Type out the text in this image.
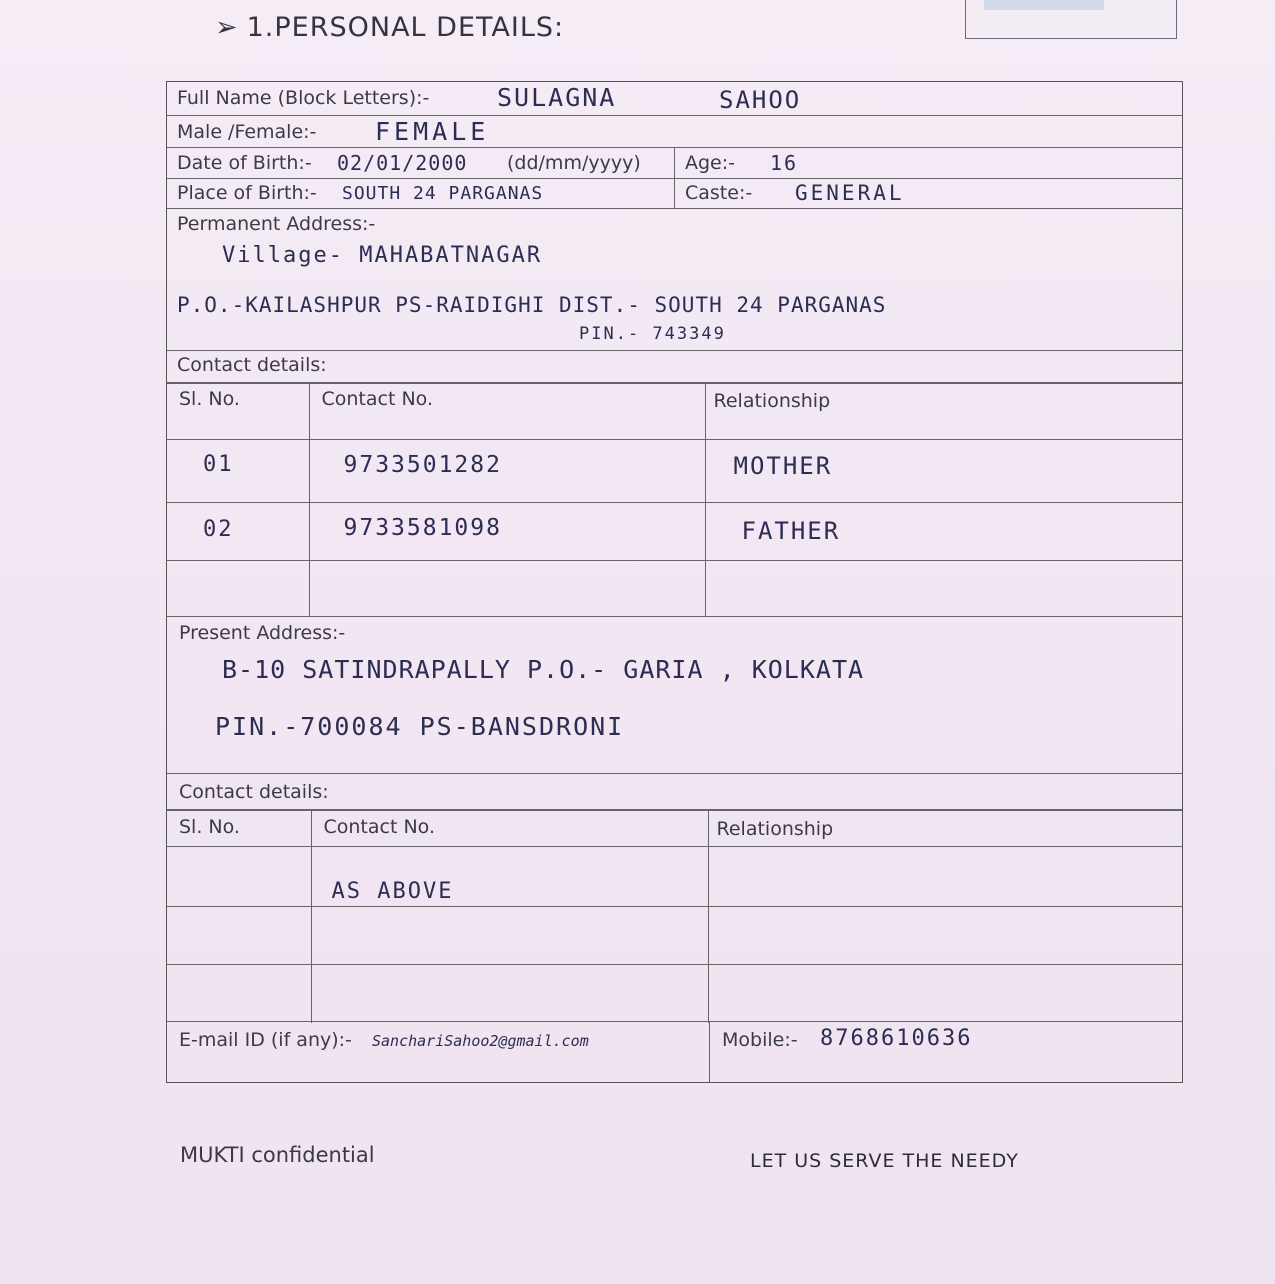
➢ 1.PERSONAL DETAILS:
Full Name (Block Letters):-	SULAGNA	SAHOO
Male /Female:- FEMALE
Date of Birth:- 02/01/2000 (dd/mm/yyyy) Age:- 16
Place of Birth:- SOUTH 24 PARGANAS	Caste:- GENERAL
Permanent Address:-
Village- MAHABATNAGAR
P.O.-KAILASHPUR PS-RAIDIGHI DIST.- SOUTH 24 PARGANAS
PIN.- 743349
Contact details:
Sl. No.	Contact No.	Relationship

01	9733501282	MOTHER

02	9733581098	FATHER

Present Address:-
B-10 SATINDRAPALLY P.O.- GARIA , KOLKATA
PIN.-700084 PS-BANSDRONI
Contact details:
Sl. No.	Contact No.	Relationship

	AS ABOVE	

E-mail ID (if any):- SanchariSahoo2@gmail.com	Mobile:- 8768610636
MUKTI confidential	LET US SERVE THE NEEDY
